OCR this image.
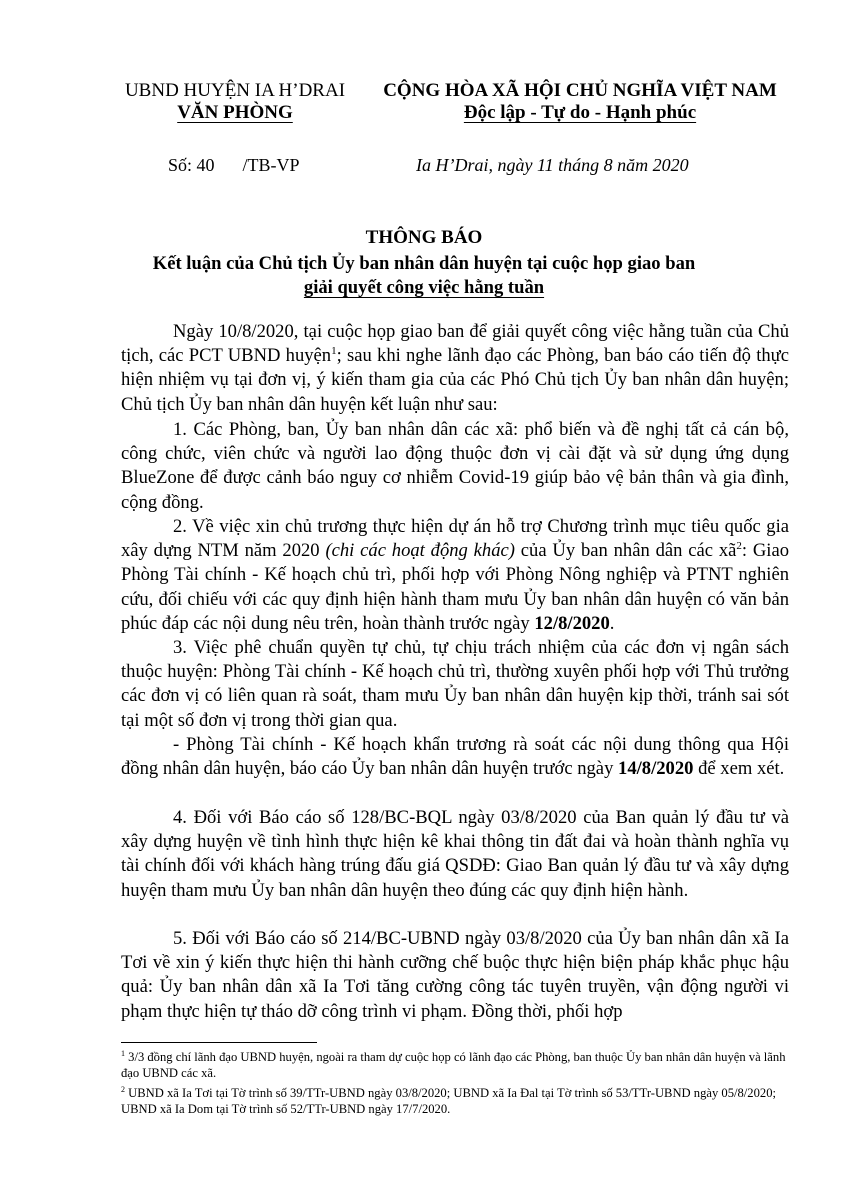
UBND HUYỆN IA H’DRAI
VĂN PHÒNG
CỘNG HÒA XÃ HỘI CHỦ NGHĨA VIỆT NAM
Độc lập - Tự do - Hạnh phúc
Số: 40 /TB-VP	Ia H’Drai, ngày 11 tháng 8 năm 2020
THÔNG BÁO
Kết luận của Chủ tịch Ủy ban nhân dân huyện tại cuộc họp giao ban
giải quyết công việc hằng tuần

Ngày 10/8/2020, tại cuộc họp giao ban để giải quyết công việc hằng tuần của Chủ tịch, các PCT UBND huyện$^1$; sau khi nghe lãnh đạo các Phòng, ban báo cáo tiến độ thực hiện nhiệm vụ tại đơn vị, ý kiến tham gia của các Phó Chủ tịch Ủy ban nhân dân huyện; Chủ tịch Ủy ban nhân dân huyện kết luận như sau:

1. Các Phòng, ban, Ủy ban nhân dân các xã: phổ biến và đề nghị tất cả cán bộ, công chức, viên chức và người lao động thuộc đơn vị cài đặt và sử dụng ứng dụng BlueZone để được cảnh báo nguy cơ nhiễm Covid-19 giúp bảo vệ bản thân và gia đình, cộng đồng.

2. Về việc xin chủ trương thực hiện dự án hỗ trợ Chương trình mục tiêu quốc gia xây dựng NTM năm 2020 (chi các hoạt động khác) của Ủy ban nhân dân các $xã^2$: Giao Phòng Tài chính - Kế hoạch chủ trì, phối hợp với Phòng Nông nghiệp và PTNT nghiên cứu, đối chiếu với các quy định hiện hành tham mưu Ủy ban nhân dân huyện có văn bản phúc đáp các nội dung nêu trên, hoàn thành trước ngày 12/8/2020.

3. Việc phê chuẩn quyền tự chủ, tự chịu trách nhiệm của các đơn vị ngân sách thuộc huyện: Phòng Tài chính - Kế hoạch chủ trì, thường xuyên phối hợp với Thủ trưởng các đơn vị có liên quan rà soát, tham mưu Ủy ban nhân dân huyện kịp thời, tránh sai sót tại một số đơn vị trong thời gian qua.

- Phòng Tài chính - Kế hoạch khẩn trương rà soát các nội dung thông qua Hội đồng nhân dân huyện, báo cáo Ủy ban nhân dân huyện trước ngày 14/8/2020 để xem xét.

4. Đối với Báo cáo số 128/BC-BQL ngày 03/8/2020 của Ban quản lý đầu tư và xây dựng huyện về tình hình thực hiện kê khai thông tin đất đai và hoàn thành nghĩa vụ tài chính đối với khách hàng trúng đấu giá QSDĐ: Giao Ban quản lý đầu tư và xây dựng huyện tham mưu Ủy ban nhân dân huyện theo đúng các quy định hiện hành.

5. Đối với Báo cáo số 214/BC-UBND ngày 03/8/2020 của Ủy ban nhân dân xã Ia Tơi về xin ý kiến thực hiện thi hành cưỡng chế buộc thực hiện biện pháp khắc phục hậu quả: Ủy ban nhân dân xã Ia Tơi tăng cường công tác tuyên truyền, vận động người vi phạm thực hiện tự tháo dỡ công trình vi phạm. Đồng thời, phối hợp

$^1$ 3/3 đồng chí lãnh đạo UBND huyện, ngoài ra tham dự cuộc họp có lãnh đạo các Phòng, ban thuộc Ủy ban nhân dân huyện và lãnh đạo UBND các xã.

$^2$ UBND xã Ia Tơi tại Tờ trình số 39/TTr-UBND ngày 03/8/2020; UBND xã Ia Đal tại Tờ trình số 53/TTr-UBND ngày 05/8/2020; UBND xã Ia Dom tại Tờ trình số 52/TTr-UBND ngày 17/7/2020.
